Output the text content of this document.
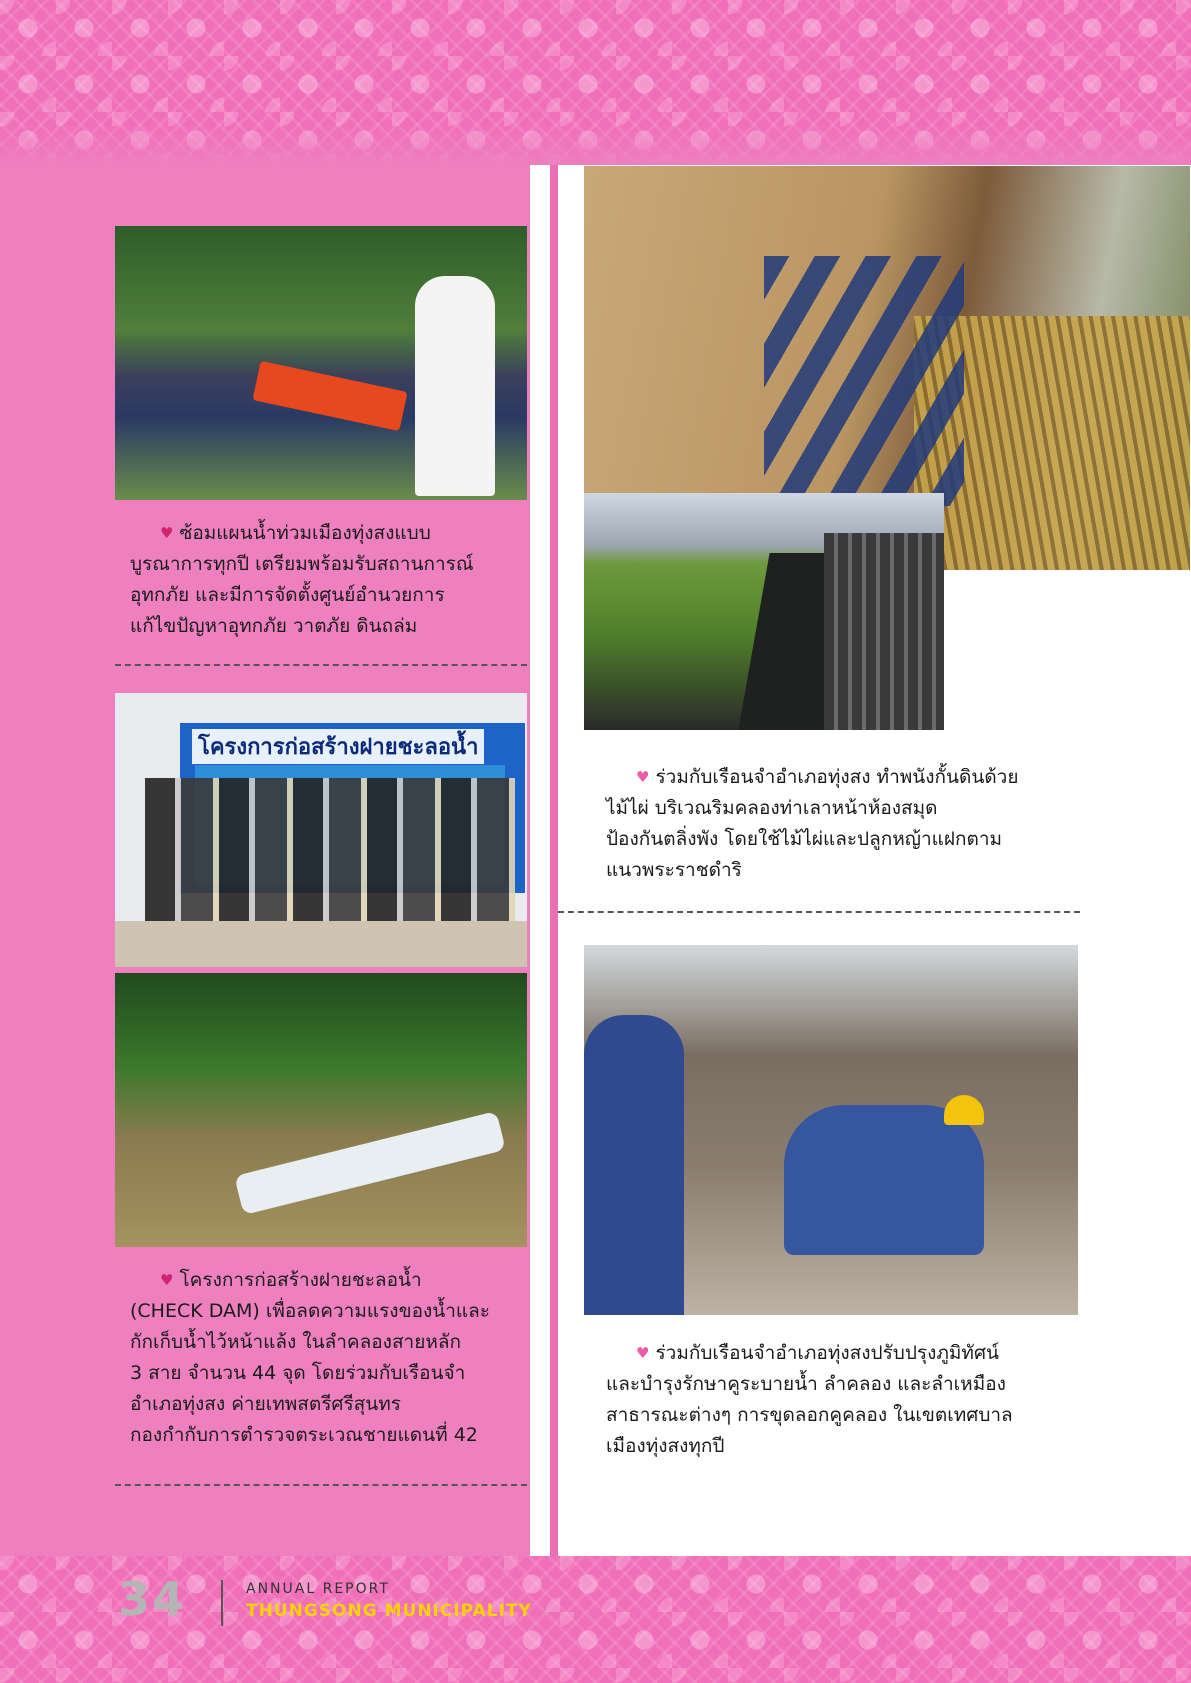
♥ ซ้อมแผนน้ำท่วมเมืองทุ่งสงแบบ
บูรณาการทุกปี เตรียมพร้อมรับสถานการณ์
อุทกภัย และมีการจัดตั้งศูนย์อำนวยการ
แก้ไขปัญหาอุทกภัย วาตภัย ดินถล่ม

โครงการก่อสร้างฝายชะลอน้ำ

♥ โครงการก่อสร้างฝายชะลอน้ำ
(CHECK DAM) เพื่อลดความแรงของน้ำและ
กักเก็บน้ำไว้หน้าแล้ง ในลำคลองสายหลัก
3 สาย จำนวน 44 จุด โดยร่วมกับเรือนจำ
อำเภอทุ่งสง ค่ายเทพสตรีศรีสุนทร
กองกำกับการตำรวจตระเวณชายแดนที่ 42

♥ ร่วมกับเรือนจำอำเภอทุ่งสง ทำพนังกั้นดินด้วย
ไม้ไผ่ บริเวณริมคลองท่าเลาหน้าห้องสมุด
ป้องกันตลิ่งพัง โดยใช้ไม้ไผ่และปลูกหญ้าแฝกตาม
แนวพระราชดำริ

♥ ร่วมกับเรือนจำอำเภอทุ่งสงปรับปรุงภูมิทัศน์
และบำรุงรักษาคูระบายน้ำ ลำคลอง และลำเหมือง
สาธารณะต่างๆ การขุดลอกคูคลอง ในเขตเทศบาล
เมืองทุ่งสงทุกปี

34	ANNUAL REPORT
THUNGSONG MUNICIPALITY
